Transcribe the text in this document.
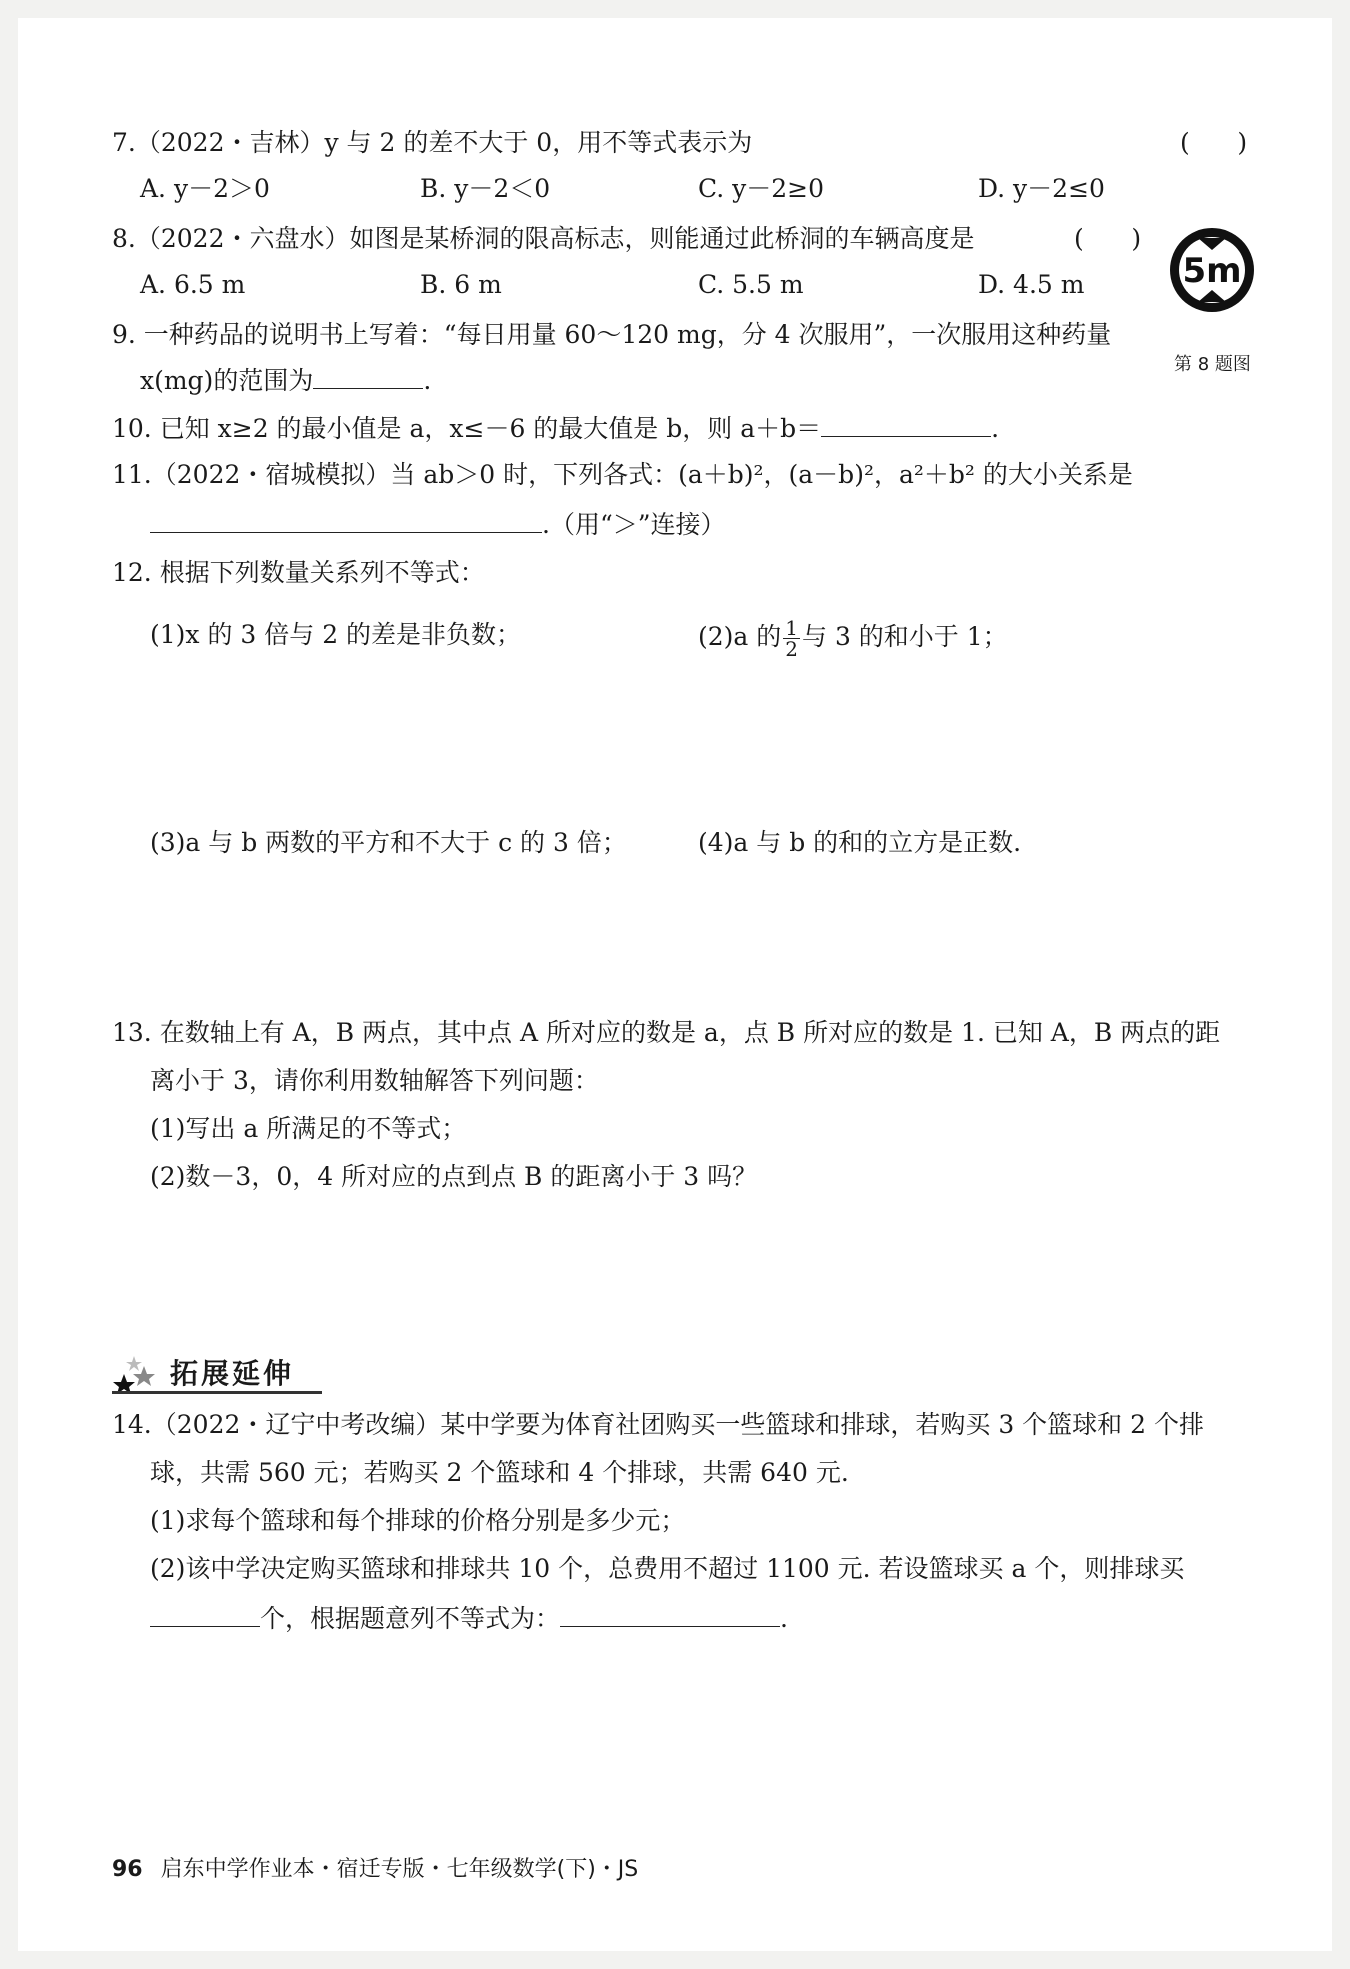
7.（2022・吉林）y 与 2 的差不大于 0，用不等式表示为	(      )
A. y－2＞0	B. y－2＜0	C. y－2≥0	D. y－2≤0
8.（2022・六盘水）如图是某桥洞的限高标志，则能通过此桥洞的车辆高度是	(      )
A. 6.5 m	B. 6 m	C. 5.5 m	D. 4.5 m	5m
第 8 题图
9. 一种药品的说明书上写着：“每日用量 60～120 mg，分 4 次服用”，一次服用这种药量
x(mg)的范围为	.
10. 已知 x≥2 的最小值是 a，x≤－6 的最大值是 b，则 a＋b＝	.
11.（2022・宿城模拟）当 ab＞0 时，下列各式：(a＋b)²，(a－b)²，a²＋b² 的大小关系是
.（用“＞”连接）
12. 根据下列数量关系列不等式：
(1)x 的 3 倍与 2 的差是非负数；	(2)a 的 $\frac{1}{2}$ 与 3 的和小于 1；
(3)a 与 b 两数的平方和不大于 c 的 3 倍；	(4)a 与 b 的和的立方是正数.
13. 在数轴上有 A，B 两点，其中点 A 所对应的数是 a，点 B 所对应的数是 1. 已知 A，B 两点的距
离小于 3，请你利用数轴解答下列问题：
(1)写出 a 所满足的不等式；
(2)数－3，0，4 所对应的点到点 B 的距离小于 3 吗？
拓展延伸
14.（2022・辽宁中考改编）某中学要为体育社团购买一些篮球和排球，若购买 3 个篮球和 2 个排
球，共需 560 元；若购买 2 个篮球和 4 个排球，共需 640 元.
(1)求每个篮球和每个排球的价格分别是多少元；
(2)该中学决定购买篮球和排球共 10 个，总费用不超过 1100 元. 若设篮球买 a 个，则排球买
个，根据题意列不等式为：	.
96 启东中学作业本・宿迁专版・七年级数学(下)・JS
